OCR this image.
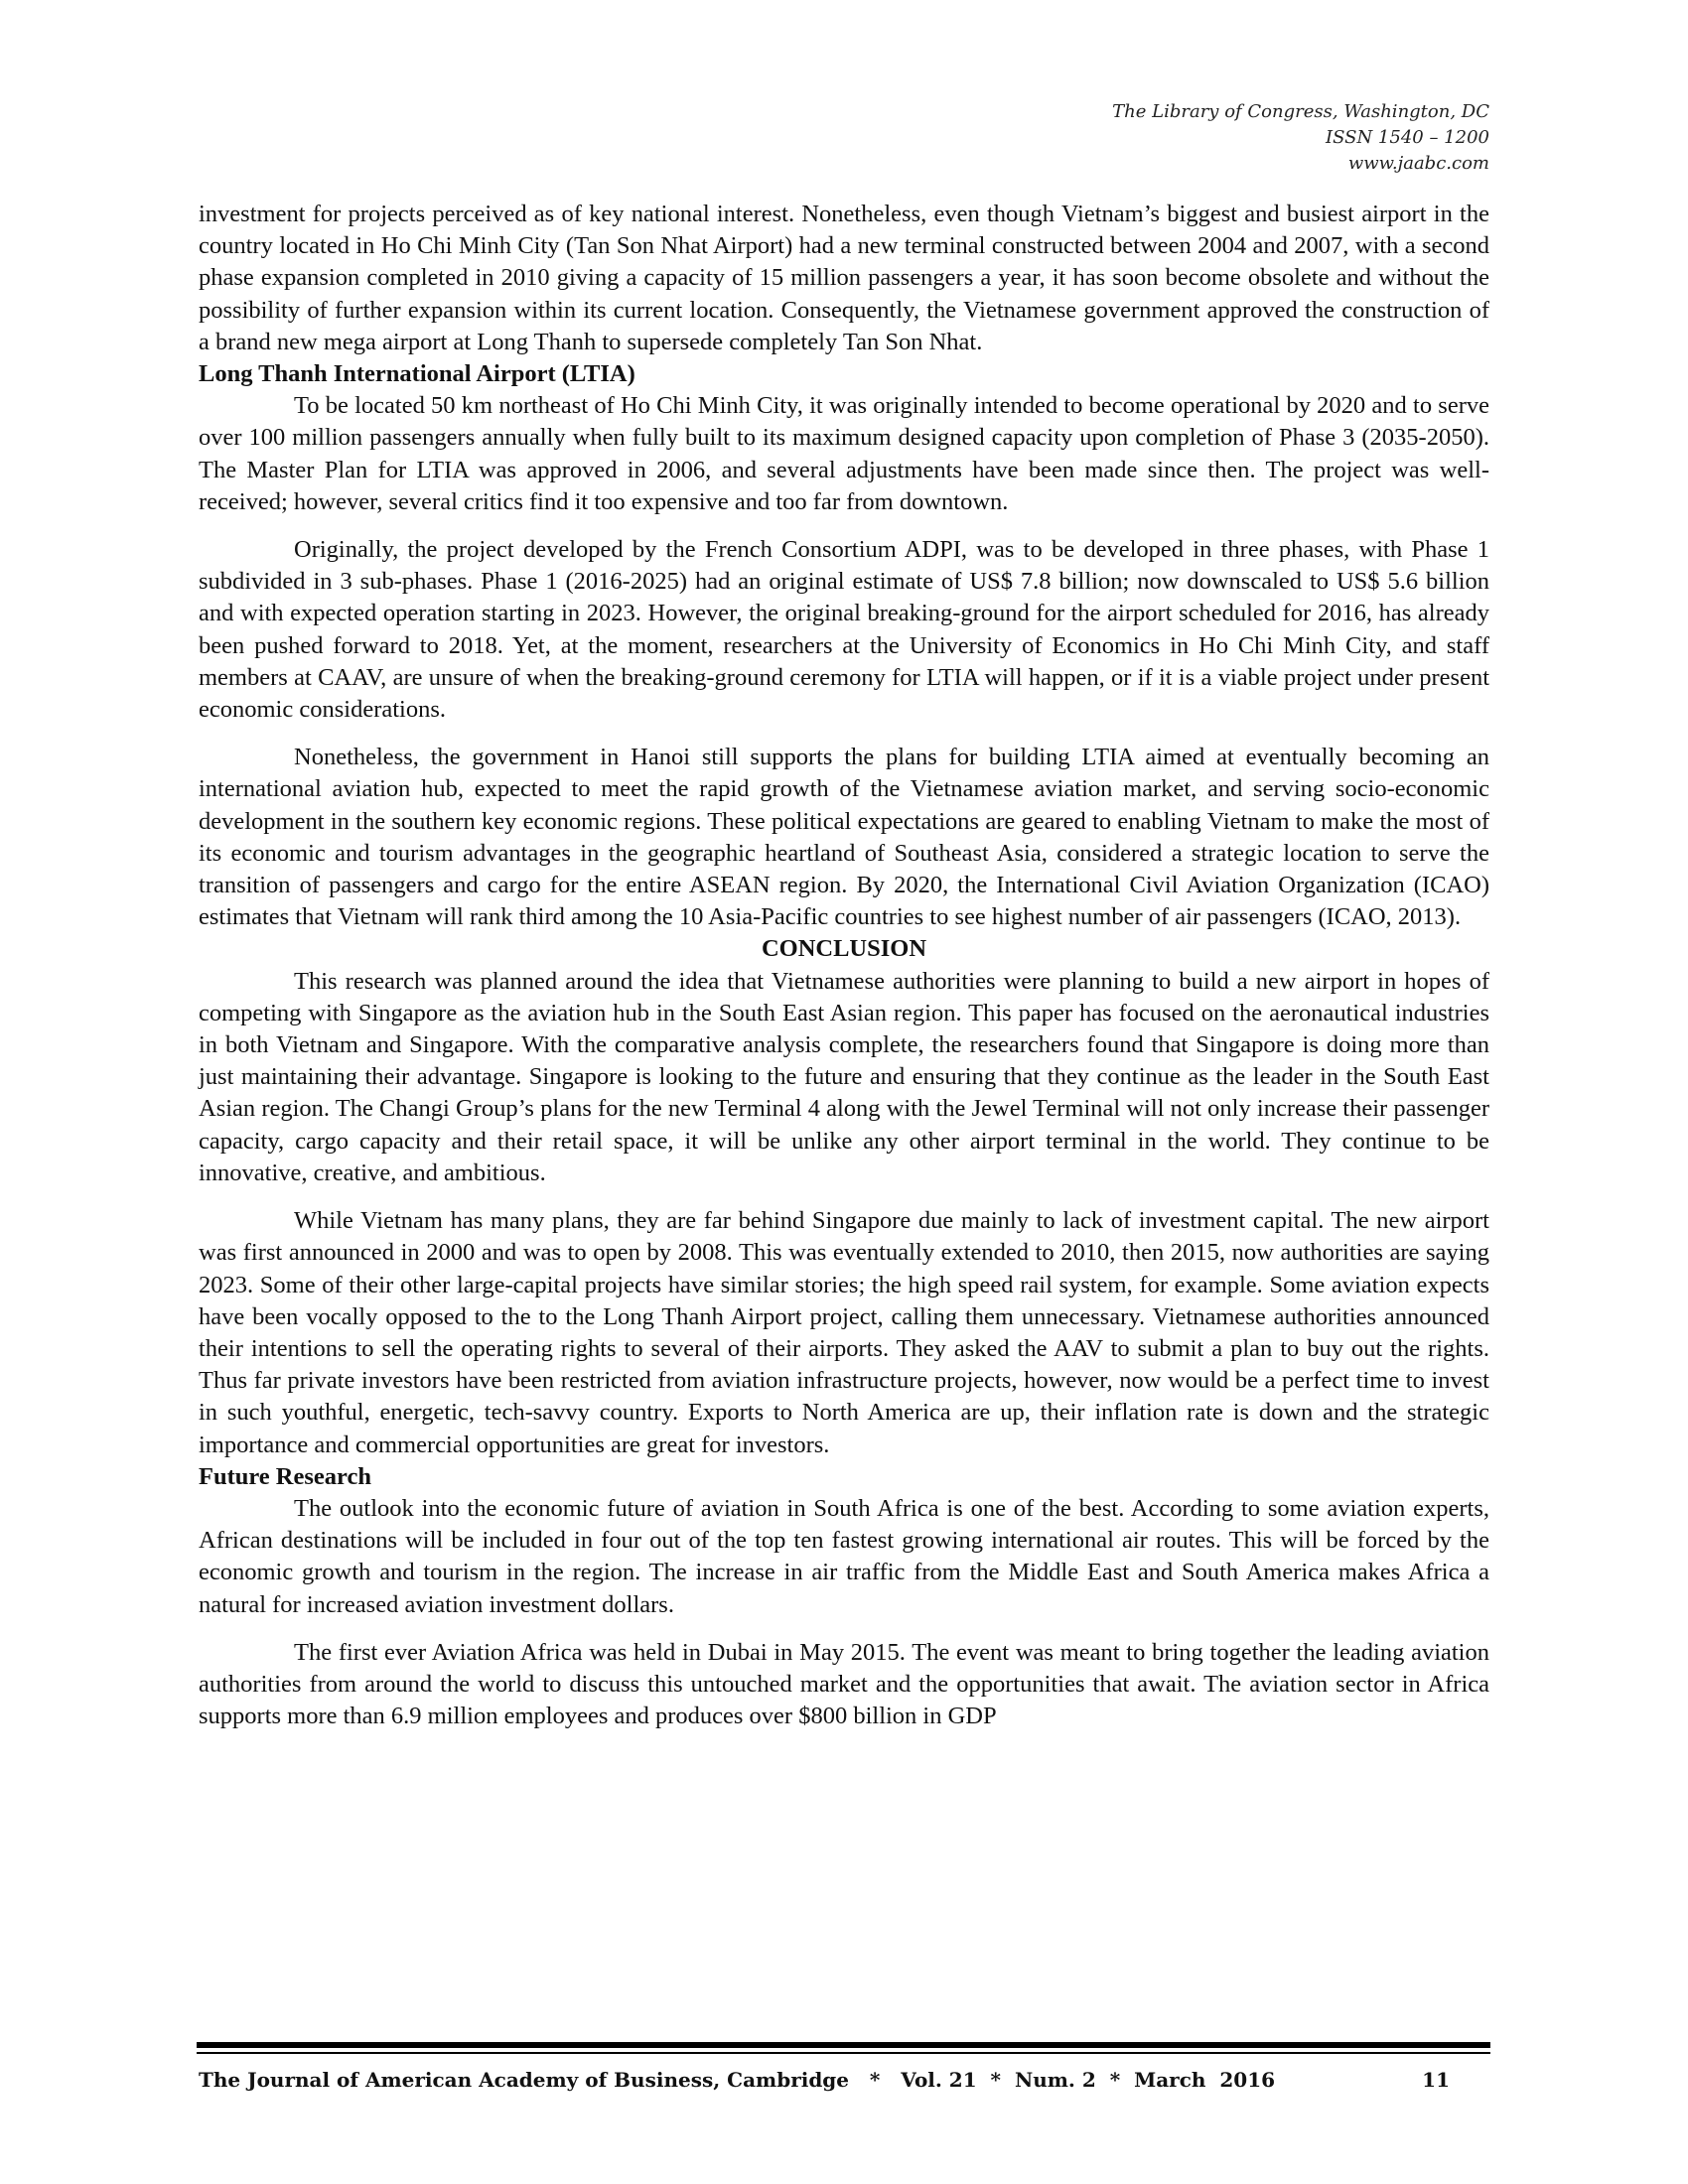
The Library of Congress, Washington, DC
ISSN 1540 – 1200
www.jaabc.com

investment for projects perceived as of key national interest. Nonetheless, even though Vietnam’s biggest and busiest airport in the country located in Ho Chi Minh City (Tan Son Nhat Airport) had a new terminal constructed between 2004 and 2007, with a second phase expansion completed in 2010 giving a capacity of 15 million passengers a year, it has soon become obsolete and without the possibility of further expansion within its current location. Consequently, the Vietnamese government approved the construction of a brand new mega airport at Long Thanh to supersede completely Tan Son Nhat.

Long Thanh International Airport (LTIA)

To be located 50 km northeast of Ho Chi Minh City, it was originally intended to become operational by 2020 and to serve over 100 million passengers annually when fully built to its maximum designed capacity upon completion of Phase 3 (2035-2050). The Master Plan for LTIA was approved in 2006, and several adjustments have been made since then. The project was well-received; however, several critics find it too expensive and too far from downtown.

Originally, the project developed by the French Consortium ADPI, was to be developed in three phases, with Phase 1 subdivided in 3 sub-phases. Phase 1 (2016-2025) had an original estimate of US$ 7.8 billion; now downscaled to US$ 5.6 billion and with expected operation starting in 2023. However, the original breaking-ground for the airport scheduled for 2016, has already been pushed forward to 2018. Yet, at the moment, researchers at the University of Economics in Ho Chi Minh City, and staff members at CAAV, are unsure of when the breaking-ground ceremony for LTIA will happen, or if it is a viable project under present economic considerations.

Nonetheless, the government in Hanoi still supports the plans for building LTIA aimed at eventually becoming an international aviation hub, expected to meet the rapid growth of the Vietnamese aviation market, and serving socio-economic development in the southern key economic regions. These political expectations are geared to enabling Vietnam to make the most of its economic and tourism advantages in the geographic heartland of Southeast Asia, considered a strategic location to serve the transition of passengers and cargo for the entire ASEAN region. By 2020, the International Civil Aviation Organization (ICAO) estimates that Vietnam will rank third among the 10 Asia-Pacific countries to see highest number of air passengers (ICAO, 2013).

CONCLUSION

This research was planned around the idea that Vietnamese authorities were planning to build a new airport in hopes of competing with Singapore as the aviation hub in the South East Asian region. This paper has focused on the aeronautical industries in both Vietnam and Singapore. With the comparative analysis complete, the researchers found that Singapore is doing more than just maintaining their advantage. Singapore is looking to the future and ensuring that they continue as the leader in the South East Asian region. The Changi Group’s plans for the new Terminal 4 along with the Jewel Terminal will not only increase their passenger capacity, cargo capacity and their retail space, it will be unlike any other airport terminal in the world. They continue to be innovative, creative, and ambitious.

While Vietnam has many plans, they are far behind Singapore due mainly to lack of investment capital. The new airport was first announced in 2000 and was to open by 2008. This was eventually extended to 2010, then 2015, now authorities are saying 2023. Some of their other large-capital projects have similar stories; the high speed rail system, for example. Some aviation expects have been vocally opposed to the to the Long Thanh Airport project, calling them unnecessary. Vietnamese authorities announced their intentions to sell the operating rights to several of their airports. They asked the AAV to submit a plan to buy out the rights. Thus far private investors have been restricted from aviation infrastructure projects, however, now would be a perfect time to invest in such youthful, energetic, tech-savvy country. Exports to North America are up, their inflation rate is down and the strategic importance and commercial opportunities are great for investors.

Future Research

The outlook into the economic future of aviation in South Africa is one of the best. According to some aviation experts, African destinations will be included in four out of the top ten fastest growing international air routes. This will be forced by the economic growth and tourism in the region. The increase in air traffic from the Middle East and South America makes Africa a natural for increased aviation investment dollars.

The first ever Aviation Africa was held in Dubai in May 2015. The event was meant to bring together the leading aviation authorities from around the world to discuss this untouched market and the opportunities that await. The aviation sector in Africa supports more than 6.9 million employees and produces over $800 billion in GDP

The Journal of American Academy of Business, Cambridge   *   Vol. 21  *  Num. 2  *  March  2016	11
